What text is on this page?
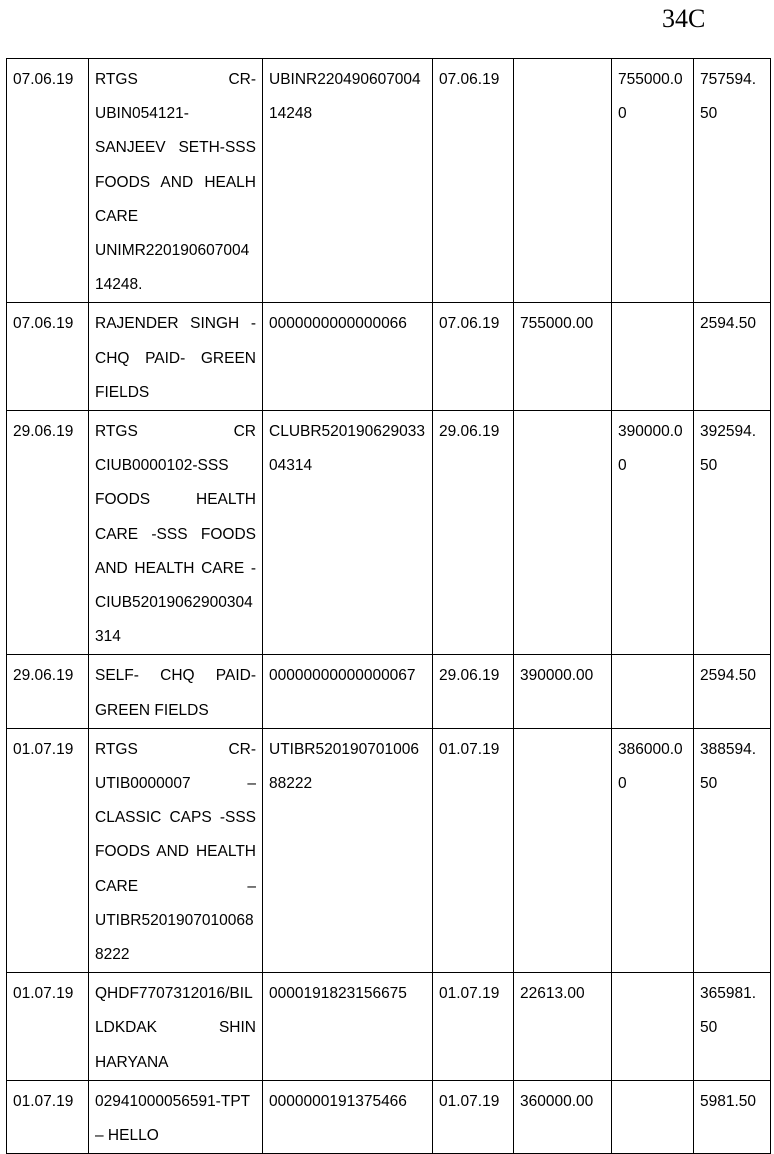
34C
07.06.19	RTGS CR-UBIN054121-SANJEEV SETH-SSS FOODS AND HEALH CARE UNIMR22019060700414248.	UBINR22049060700414248	07.06.19		755000.00	757594.50
07.06.19	RAJENDER SINGH - CHQ PAID- GREEN FIELDS	0000000000000066	07.06.19	755000.00		2594.50
29.06.19	RTGS CR CIUB0000102-SSS FOODS HEALTH CARE -SSS FOODS AND HEALTH CARE -CIUB52019062900304314	CLUBR52019062903304314	29.06.19		390000.00	392594.50
29.06.19	SELF- CHQ PAID-GREEN FIELDS	00000000000000067	29.06.19	390000.00		2594.50
01.07.19	RTGS CR-UTIB0000007 – CLASSIC CAPS -SSS FOODS AND HEALTH CARE – UTIBR52019070100688222	UTIBR52019070100688222	01.07.19		386000.00	388594.50
01.07.19	QHDF7707312016/BILLDKDAK SHIN HARYANA	0000191823156675	01.07.19	22613.00		365981.50
01.07.19	02941000056591-TPT – HELLO	0000000191375466	01.07.19	360000.00		5981.50
